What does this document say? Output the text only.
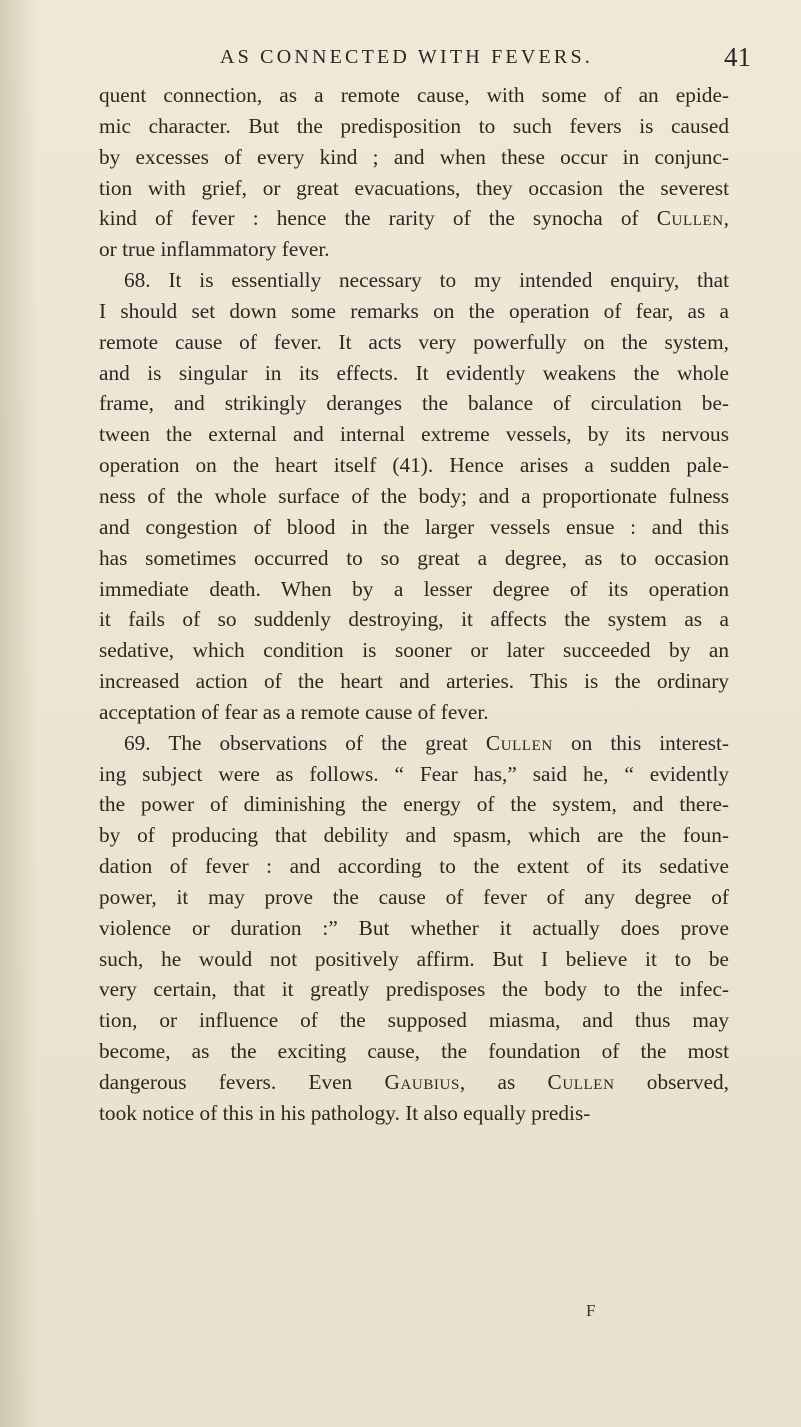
AS CONNECTED WITH FEVERS.	41
quent connection, as a remote cause, with some of an epide-
mic character. But the predisposition to such fevers is caused
by excesses of every kind ; and when these occur in conjunc-
tion with grief, or great evacuations, they occasion the severest
kind of fever : hence the rarity of the synocha of Cullen,
or true inflammatory fever.
68. It is essentially necessary to my intended enquiry, that
I should set down some remarks on the operation of fear, as a
remote cause of fever. It acts very powerfully on the system,
and is singular in its effects. It evidently weakens the whole
frame, and strikingly deranges the balance of circulation be-
tween the external and internal extreme vessels, by its nervous
operation on the heart itself (41). Hence arises a sudden pale-
ness of the whole surface of the body; and a proportionate fulness
and congestion of blood in the larger vessels ensue : and this
has sometimes occurred to so great a degree, as to occasion
immediate death. When by a lesser degree of its operation
it fails of so suddenly destroying, it affects the system as a
sedative, which condition is sooner or later succeeded by an
increased action of the heart and arteries. This is the ordinary
acceptation of fear as a remote cause of fever.
69. The observations of the great Cullen on this interest-
ing subject were as follows. “ Fear has,” said he, “ evidently
the power of diminishing the energy of the system, and there-
by of producing that debility and spasm, which are the foun-
dation of fever : and according to the extent of its sedative
power, it may prove the cause of fever of any degree of
violence or duration :” But whether it actually does prove
such, he would not positively affirm. But I believe it to be
very certain, that it greatly predisposes the body to the infec-
tion, or influence of the supposed miasma, and thus may
become, as the exciting cause, the foundation of the most
dangerous fevers. Even Gaubius, as Cullen observed,
took notice of this in his pathology. It also equally predis-
F
